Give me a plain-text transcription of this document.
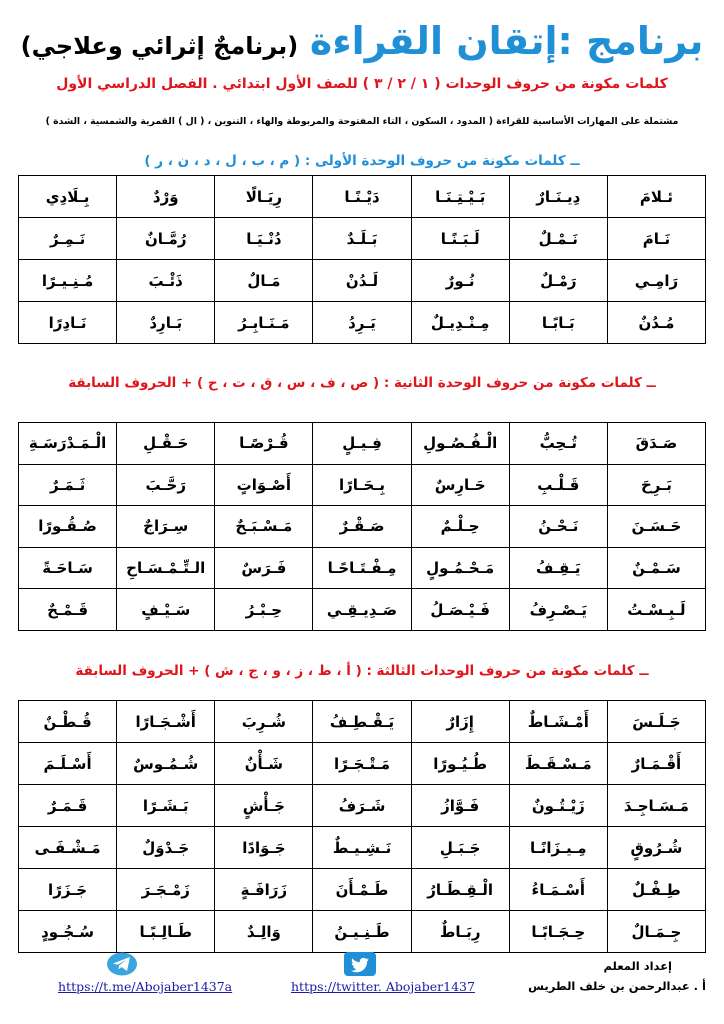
برنامج :إتقان القراءة (برنامجٌ إثرائي وعلاجي)
كلمات مكونة من حروف الوحدات ( ١ / ٢ / ٣ ) للصف الأول ابتدائي . الفصل الدراسي الأول
مشتملة على المهارات الأساسية للقراءة ( المدود ، السكون ، التاء المفتوحة والمربوطة والهاء ، التنوين ، ( ال ) القمرية والشمسية ، الشدة )
ــ كلمات مكونة من حروف الوحدة الأولى : ( م ، ب ، ل ، د ، ن ، ر )
ئـلامَ	دِيـنَـارٌ	بَـيْـتِـنَـا	دَيْـنًـا	رِيَـالًا	وَرْدٌ	بِـلَادِي
نَـامَ	نَـمْـلٌ	لَـبَـنًـا	بَـلَـدٌ	دُنْـيَـا	رُمَّـانٌ	نَـمِـرٌ
رَامِـي	رَمْـلٌ	نُـورٌ	لَـدُنْ	مَـالٌ	ذَئْـبَ	مُـنِـيـرًا
مُـدُنٌ	بَـابًـا	مِـنْـدِيـلٌ	يَـرِدُ	مَـنَـابِـرُ	بَـارِدٌ	نَـادِرًا
ــ كلمات مكونة من حروف الوحدة الثانية : ( ص ، ف ، س ، ق ، ت ، ح ) + الحروف السابقة
صَـدَقَ	تُـحِبُّ	الْـفُـصُـولِ	فِـيـلٍ	قُـرْصًـا	حَـقْـلِ	الْـمَـدْرَسَـةِ
بَـرِحَ	قَـلْـبِ	حَـارِسٌ	بِـحَـارًا	أَصْـوَاتٍ	رَحَّـبَ	ثَـمَـرٌ
حَـسَـنَ	نَـحْـنُ	حِـلْـمٌ	صَـقْـرٌ	مَـسْـبَـحٌ	سِـرَاجٌ	صُـقُـورًا
سَـمْـنٌ	يَـقِـفُ	مَـحْـمُـولٍ	مِـفْـتَـاحًـا	فَـرَسٌ	الـتِّـمْـسَـاحِ	سَـاحَـةً
لَـبِـسْـتُ	يَـصْـرِفُ	فَـيْـصَـلُ	صَـدِيـقِـي	حِـبْـرُ	سَـيْـفٍ	قَـمْـحٌ
ــ كلمات مكونة من حروف الوحدات الثالثة : ( أ ، ط ، ز ، و ، ج ، ش ) + الحروف السابقة
جَـلَـسَ	أَمْـشَـاطٌ	إِزَارٌ	يَـقْـطِـفُ	شُـرِبَ	أَشْـجَـارًا	قُـطْـنٌ
أَقْـمَـارٌ	مَـسْـقَـطَ	طُـيُـورًا	مَـتْـجَـرًا	شَـأْنٌ	شُـمُـوسٌ	أَسْـلَـمَ
مَـسَـاجِـدَ	زَيْـتُـونٌ	فَـوَّازُ	شَـرَفُ	جَـأْشٍ	بَـشَـرًا	قَـمَـرٌ
شُـرُوقٍ	مِـيـزَانًـا	جَـبَـلِ	نَـشِـيـطٌ	جَـوَادًا	جَـدْوَلٌ	مَـشْـفَـى
طِـفْـلٌ	أَسْـمَـاءُ	الْـقِـطَـارُ	طَـمْـأَنَ	زَرَافَـةٍ	زَمْـجَـرَ	جَـزَرًا
جِـمَـالٌ	حِـجَـابًـا	رِبَـاطٌ	طَـنِـيـنُ	وَالِـدٌ	طَـالِـبًـا	سُـجُـودٍ
إعداد المعلم
أ . عبدالرحمن بن خلف الطريس
https://t.me/Abojaber1437a	https://twitter. Abojaber1437
